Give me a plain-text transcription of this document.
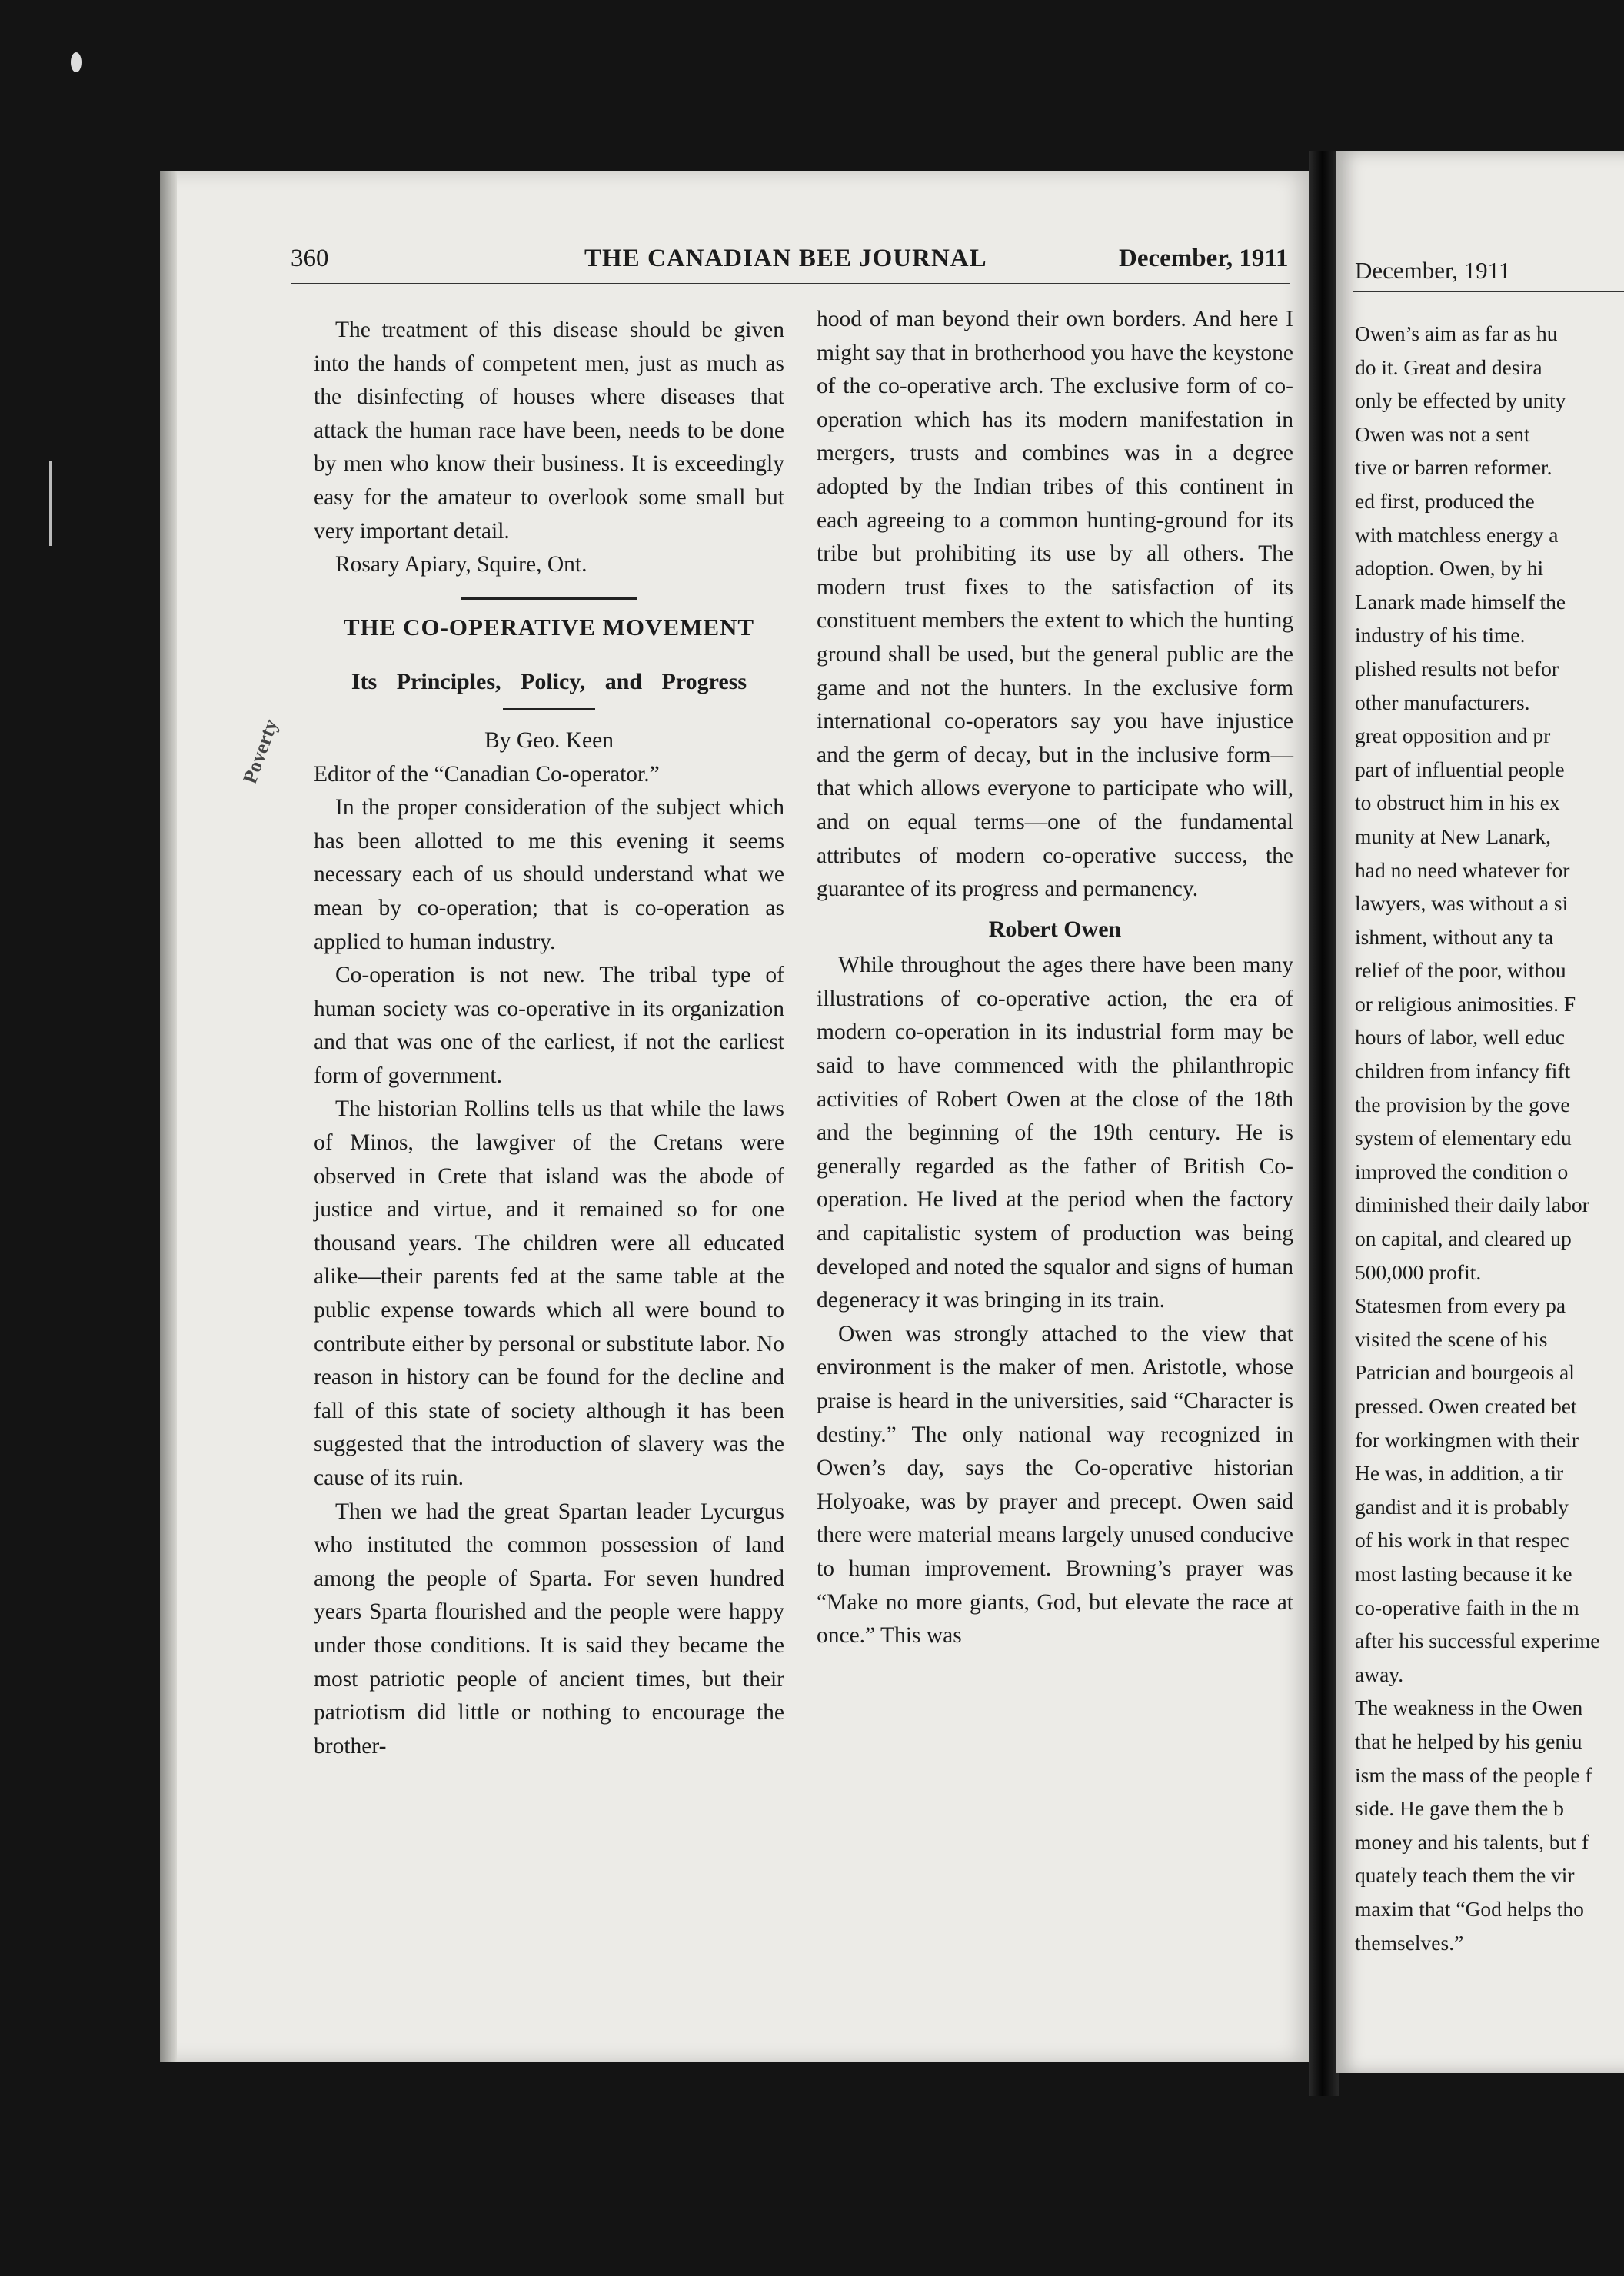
360	THE CANADIAN BEE JOURNAL	December, 1911

The treatment of this disease should be given into the hands of competent men, just as much as the disinfecting of houses where diseases that attack the human race have been, needs to be done by men who know their business. It is exceedingly easy for the amateur to overlook some small but very important detail.

Rosary Apiary, Squire, Ont.

THE CO-OPERATIVE MOVEMENT

Its Principles, Policy, and Progress

By Geo. Keen

Editor of the “Canadian Co-operator.”

In the proper consideration of the subject which has been allotted to me this evening it seems necessary each of us should understand what we mean by co-operation; that is co-operation as applied to human industry.

Co-operation is not new. The tribal type of human society was co-operative in its organization and that was one of the earliest, if not the earliest form of government.

The historian Rollins tells us that while the laws of Minos, the lawgiver of the Cretans were observed in Crete that island was the abode of justice and virtue, and it remained so for one thousand years. The children were all educated alike—their parents fed at the same table at the public expense towards which all were bound to contribute either by personal or substitute labor. No reason in history can be found for the decline and fall of this state of society although it has been suggested that the introduction of slavery was the cause of its ruin.

Then we had the great Spartan leader Lycurgus who instituted the common possession of land among the people of Sparta. For seven hundred years Sparta flourished and the people were happy under those conditions. It is said they became the most patriotic people of ancient times, but their patriotism did little or nothing to encourage the brother-

Poverty

hood of man beyond their own borders. And here I might say that in brotherhood you have the keystone of the co-operative arch. The exclusive form of co-operation which has its modern manifestation in mergers, trusts and combines was in a degree adopted by the Indian tribes of this continent in each agreeing to a common hunting-ground for its tribe but prohibiting its use by all others. The modern trust fixes to the satisfaction of its constituent members the extent to which the hunting ground shall be used, but the general public are the game and not the hunters. In the exclusive form international co-operators say you have injustice and the germ of decay, but in the inclusive form—that which allows everyone to participate who will, and on equal terms—one of the fundamental attributes of modern co-operative success, the guarantee of its progress and permanency.

Robert Owen

While throughout the ages there have been many illustrations of co-operative action, the era of modern co-operation in its industrial form may be said to have commenced with the philanthropic activities of Robert Owen at the close of the 18th and the beginning of the 19th century. He is generally regarded as the father of British Co-operation. He lived at the period when the factory and capitalistic system of production was being developed and noted the squalor and signs of human degeneracy it was bringing in its train.

Owen was strongly attached to the view that environment is the maker of men. Aristotle, whose praise is heard in the universities, said “Character is destiny.” The only national way recognized in Owen’s day, says the Co-operative historian Holyoake, was by prayer and precept. Owen said there were material means largely unused conducive to human improvement. Browning’s prayer was “Make no more giants, God, but elevate the race at once.” This was

December, 1911
Owen’s aim as far as hu
do it. Great and desira
only be effected by unity
Owen was not a sent
tive or barren reformer.
ed first, produced the
with matchless energy a
adoption. Owen, by hi
Lanark made himself the
industry of his time.
plished results not befor
other manufacturers.
great opposition and pr
part of influential people
to obstruct him in his ex
munity at New Lanark,
had no need whatever for
lawyers, was without a si
ishment, without any ta
relief of the poor, withou
or religious animosities. F
hours of labor, well educ
children from infancy fift
the provision by the gove
system of elementary edu
improved the condition o
diminished their daily labor
on capital, and cleared up
500,000 profit.
Statesmen from every pa
visited the scene of his
Patrician and bourgeois al
pressed. Owen created bet
for workingmen with their
He was, in addition, a tir
gandist and it is probably
of his work in that respec
most lasting because it ke
co-operative faith in the m
after his successful experime
away.
The weakness in the Owen
that he helped by his geniu
ism the mass of the people f
side. He gave them the b
money and his talents, but f
quately teach them the vir
maxim that “God helps tho
themselves.”
